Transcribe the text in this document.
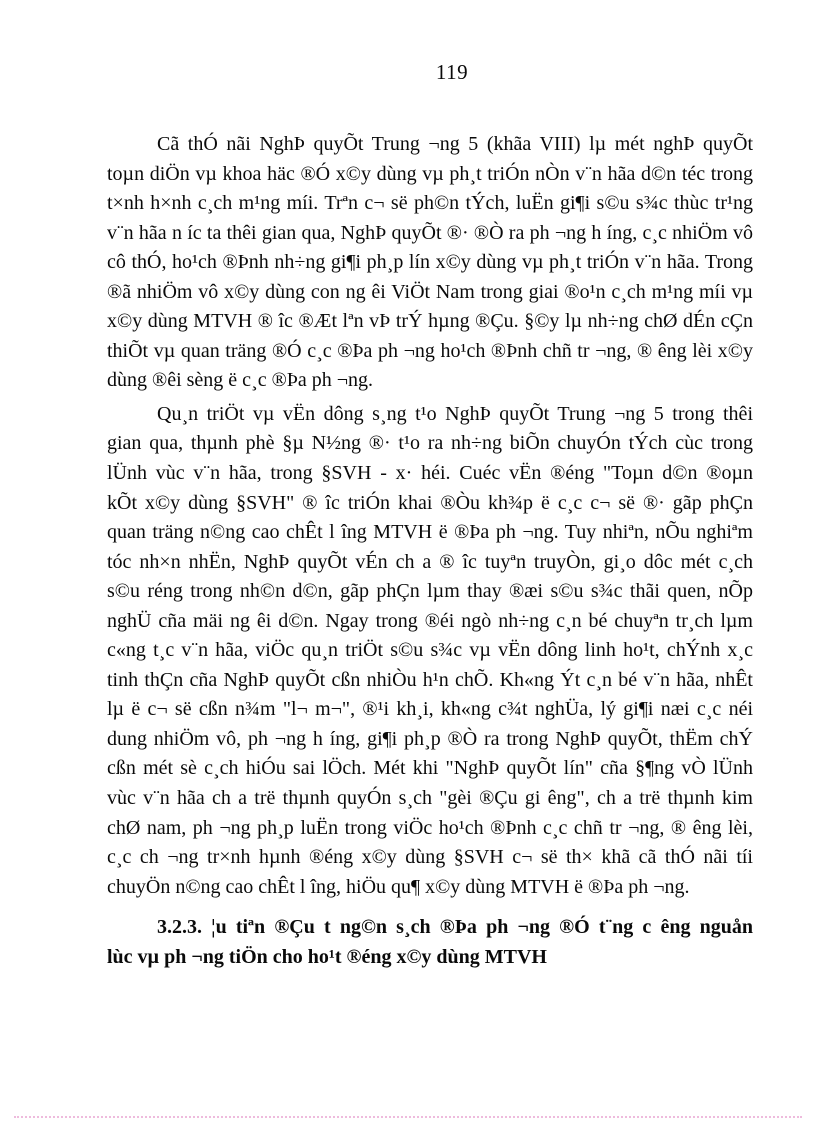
119
Cã thÓ nãi NghÞ quyÕt Trung ¬ng 5 (khãa VIII) lµ mét nghÞ quyÕt
toµn diÖn vµ khoa häc ®Ó x©y dùng vµ ph¸t triÓn nÒn v¨n hãa d©n téc trong
t×nh h×nh c¸ch m¹ng míi. Trªn c¬ së ph©n tÝch, luËn gi¶i s©u s¾c thùc tr¹ng
v¨n hãa n íc ta thêi gian qua, NghÞ quyÕt ®· ®Ò ra ph ¬ng h íng, c¸c nhiÖm vô
cô thÓ, ho¹ch ®Þnh nh÷ng gi¶i ph¸p lín x©y dùng vµ ph¸t triÓn v¨n hãa. Trong
®ã nhiÖm vô x©y dùng con ng êi ViÖt Nam trong giai ®o¹n c¸ch m¹ng míi vµ
x©y dùng MTVH ® îc ®Æt lªn vÞ trÝ hµng ®Çu. §©y lµ nh÷ng chØ dÉn cÇn
thiÕt vµ quan träng ®Ó c¸c ®Þa ph ¬ng ho¹ch ®Þnh chñ tr ¬ng, ® êng lèi x©y
dùng ®êi sèng ë c¸c ®Þa ph ¬ng.
Qu¸n triÖt vµ vËn dông s¸ng t¹o NghÞ quyÕt Trung ¬ng 5 trong thêi
gian qua, thµnh phè §µ N½ng ®· t¹o ra nh÷ng biÕn chuyÓn tÝch cùc trong
lÜnh vùc v¨n hãa, trong §SVH - x· héi. Cuéc vËn ®éng "Toµn d©n ®oµn
kÕt x©y dùng §SVH" ® îc triÓn khai ®Òu kh¾p ë c¸c c¬ së ®· gãp phÇn
quan träng n©ng cao chÊt l îng MTVH ë ®Þa ph ¬ng. Tuy nhiªn, nÕu nghiªm
tóc nh×n nhËn, NghÞ quyÕt vÉn ch a ® îc tuyªn truyÒn, gi¸o dôc mét c¸ch
s©u réng trong nh©n d©n, gãp phÇn lµm thay ®æi s©u s¾c thãi quen, nÕp
nghÜ cña mäi ng êi d©n. Ngay trong ®éi ngò nh÷ng c¸n bé chuyªn tr¸ch lµm
c«ng t¸c v¨n hãa, viÖc qu¸n triÖt s©u s¾c vµ vËn dông linh ho¹t, chÝnh x¸c
tinh thÇn cña NghÞ quyÕt cßn nhiÒu h¹n chÕ. Kh«ng Ýt c¸n bé v¨n hãa, nhÊt
lµ ë c¬ së cßn n¾m "l¬ m¬", ®¹i kh¸i, kh«ng c¾t nghÜa, lý gi¶i næi c¸c néi
dung nhiÖm vô, ph ¬ng h íng, gi¶i ph¸p ®Ò ra trong NghÞ quyÕt, thËm chÝ
cßn mét sè c¸ch hiÓu sai lÖch. Mét khi "NghÞ quyÕt lín" cña §¶ng vÒ lÜnh
vùc v¨n hãa ch a trë thµnh quyÓn s¸ch "gèi ®Çu gi êng", ch a trë thµnh kim
chØ nam, ph ¬ng ph¸p luËn trong viÖc ho¹ch ®Þnh c¸c chñ tr ¬ng, ® êng lèi,
c¸c ch ¬ng tr×nh hµnh ®éng x©y dùng §SVH c¬ së th× khã cã thÓ nãi tíi
chuyÖn n©ng cao chÊt l îng, hiÖu qu¶ x©y dùng MTVH ë ®Þa ph ¬ng.
3.2.3. ¦u tiªn ®Çu t ng©n s¸ch ®Þa ph ¬ng ®Ó t¨ng c êng nguån
lùc vµ ph ¬ng tiÖn cho ho¹t ®éng x©y dùng MTVH
